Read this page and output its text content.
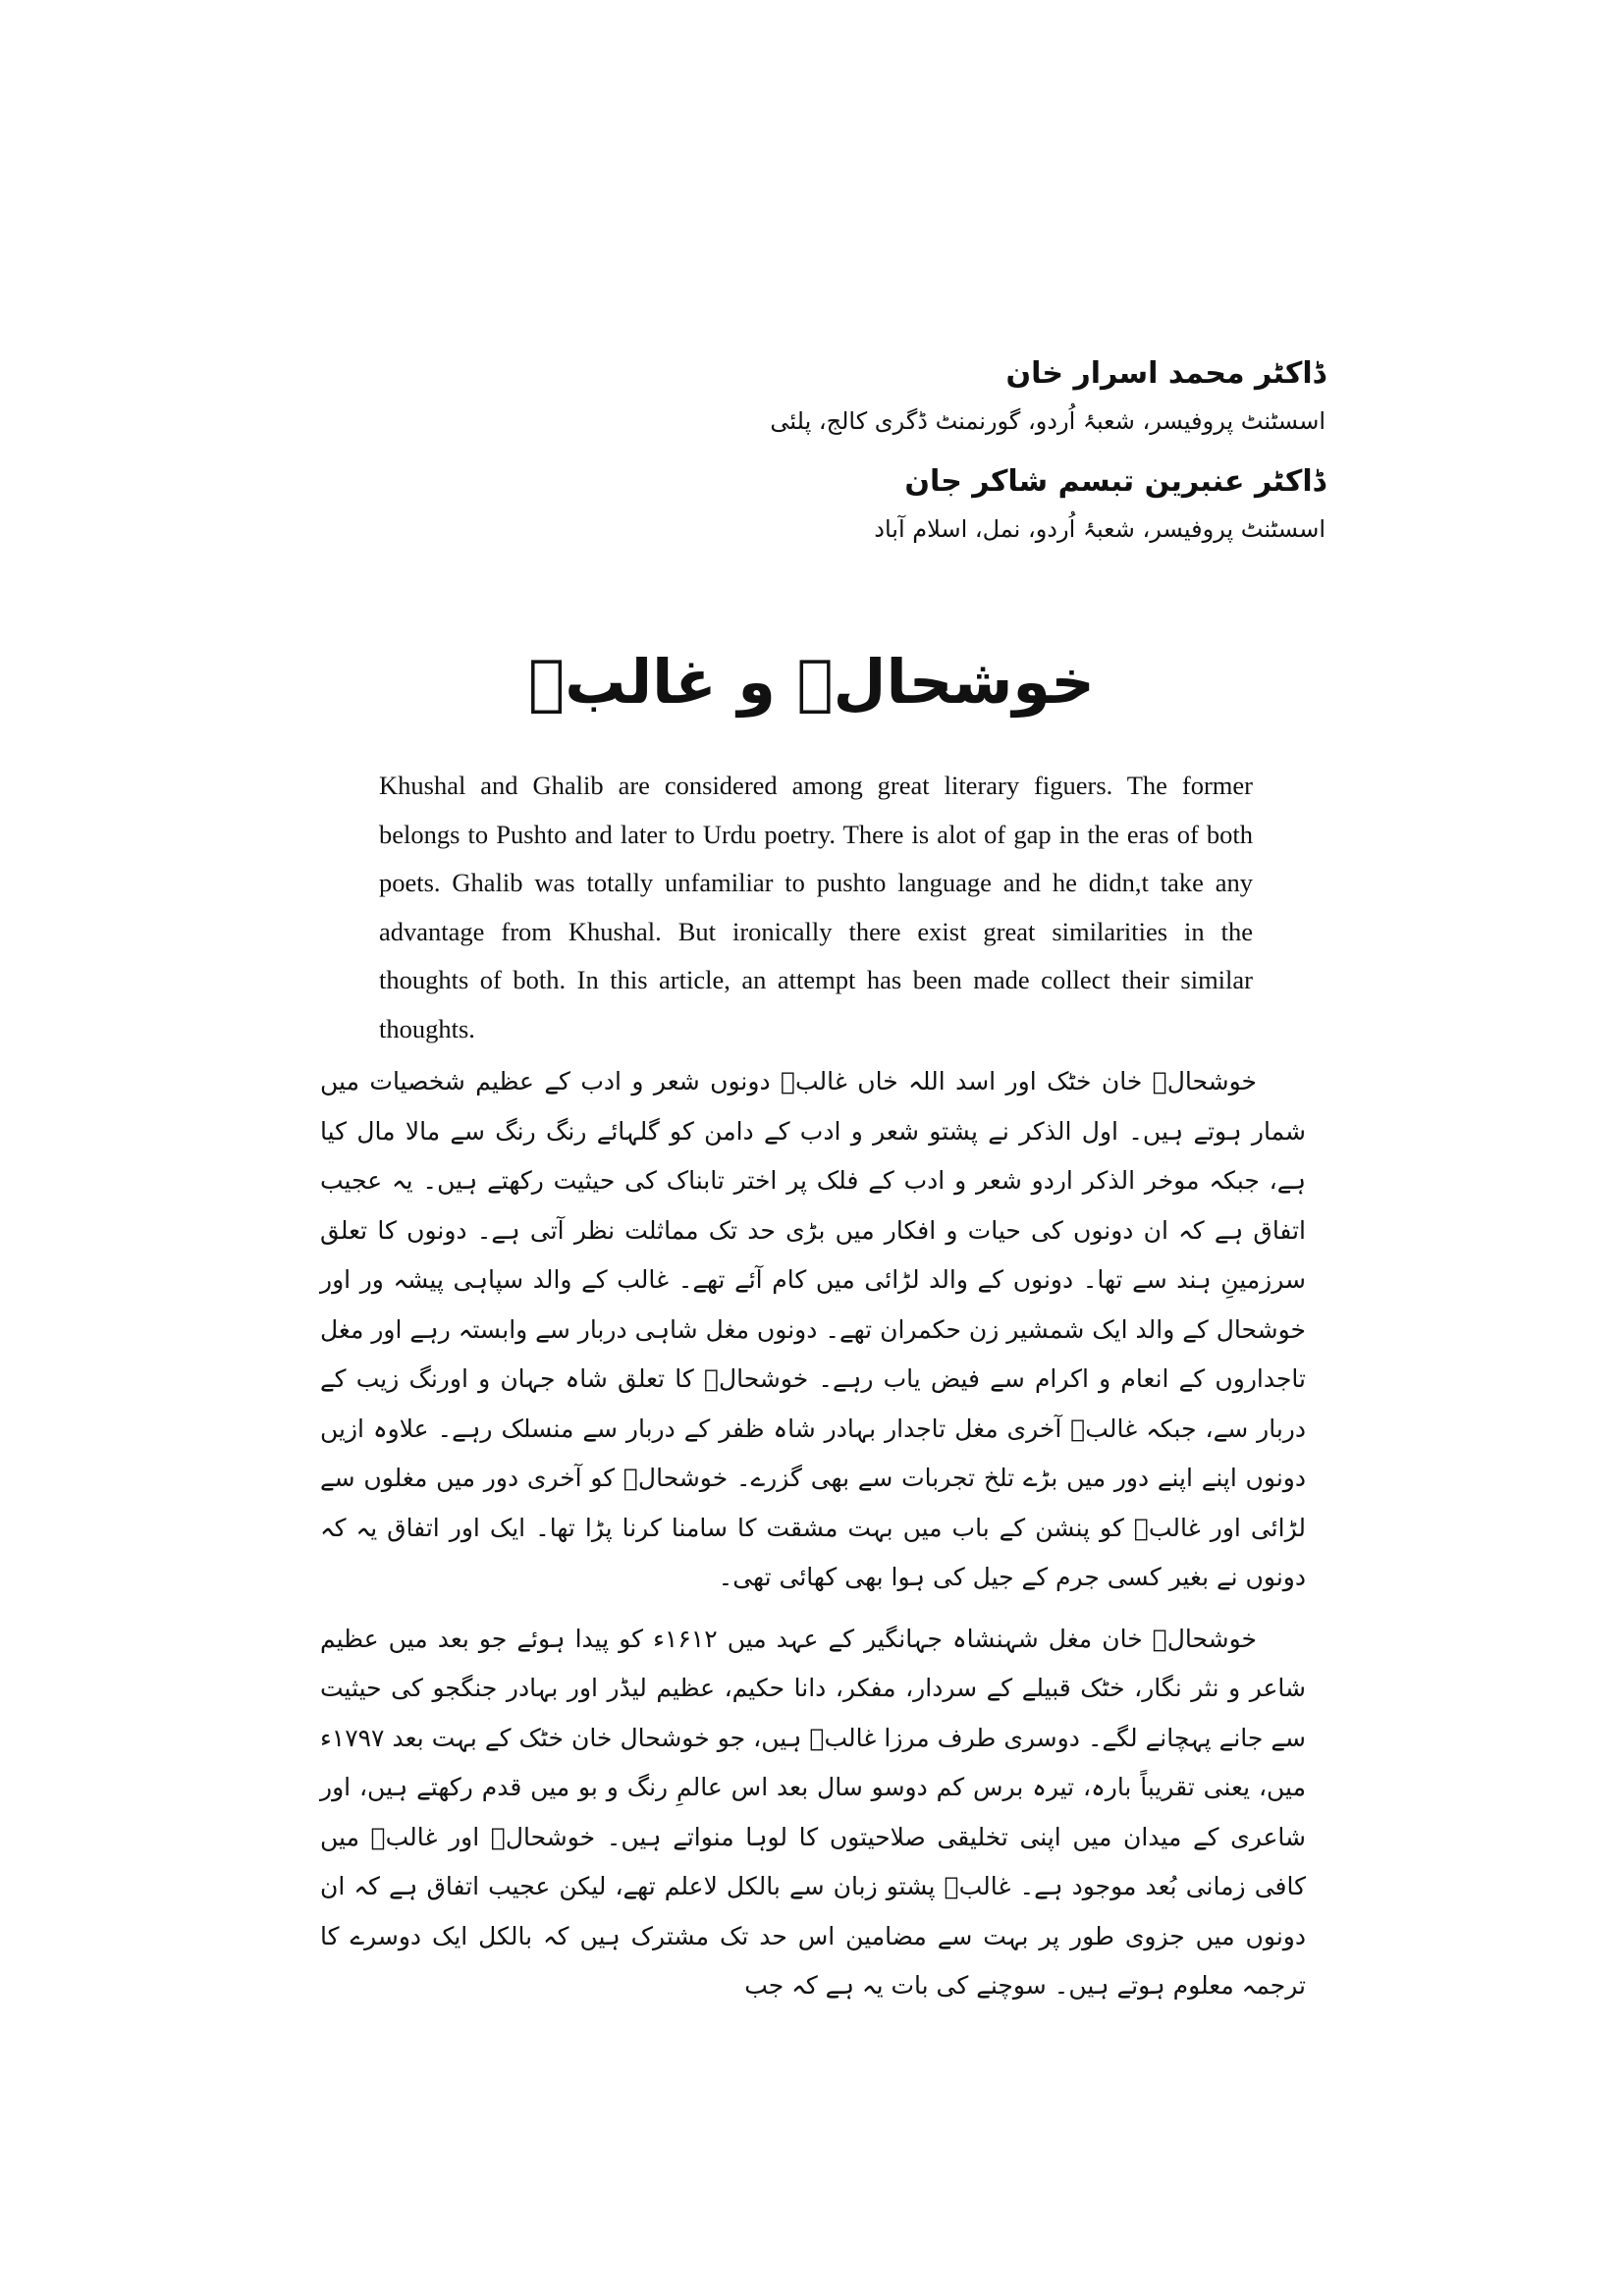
ڈاکٹر محمد اسرار خان
اسسٹنٹ پروفیسر، شعبۂ اُردو، گورنمنٹ ڈگری کالج، پلئی
ڈاکٹر عنبرین تبسم شاکر جان
اسسٹنٹ پروفیسر، شعبۂ اُردو، نمل، اسلام آباد
خوشحالؔ و غالبؔ
Khushal and Ghalib are considered among great literary figuers. The former belongs to Pushto and later to Urdu poetry. There is alot of gap in the eras of both poets. Ghalib was totally unfamiliar to pushto language and he didn,t take any advantage from Khushal. But ironically there exist great similarities in the thoughts of both. In this article, an attempt has been made collect their similar thoughts.

خوشحالؔ خان خٹک اور اسد اللہ خاں غالبؔ دونوں شعر و ادب کے عظیم شخصیات میں شمار ہوتے ہیں۔ اول الذکر نے پشتو شعر و ادب کے دامن کو گلہائے رنگ رنگ سے مالا مال کیا ہے، جبکہ موخر الذکر اردو شعر و ادب کے فلک پر اختر تابناک کی حیثیت رکھتے ہیں۔ یہ عجیب اتفاق ہے کہ ان دونوں کی حیات و افکار میں بڑی حد تک مماثلت نظر آتی ہے۔ دونوں کا تعلق سرزمینِ ہند سے تھا۔ دونوں کے والد لڑائی میں کام آئے تھے۔ غالب کے والد سپاہی پیشہ ور اور خوشحال کے والد ایک شمشیر زن حکمران تھے۔ دونوں مغل شاہی دربار سے وابستہ رہے اور مغل تاجداروں کے انعام و اکرام سے فیض یاب رہے۔ خوشحالؔ کا تعلق شاہ جہان و اورنگ زیب کے دربار سے، جبکہ غالبؔ آخری مغل تاجدار بہادر شاہ ظفر کے دربار سے منسلک رہے۔ علاوہ ازیں دونوں اپنے اپنے دور میں بڑے تلخ تجربات سے بھی گزرے۔ خوشحالؔ کو آخری دور میں مغلوں سے لڑائی اور غالبؔ کو پنشن کے باب میں بہت مشقت کا سامنا کرنا پڑا تھا۔ ایک اور اتفاق یہ کہ دونوں نے بغیر کسی جرم کے جیل کی ہوا بھی کھائی تھی۔

خوشحالؔ خان مغل شہنشاہ جہانگیر کے عہد میں ۱۶۱۲ء کو پیدا ہوئے جو بعد میں عظیم شاعر و نثر نگار، خٹک قبیلے کے سردار، مفکر، دانا حکیم، عظیم لیڈر اور بہادر جنگجو کی حیثیت سے جانے پہچانے لگے۔ دوسری طرف مرزا غالبؔ ہیں، جو خوشحال خان خٹک کے بہت بعد ۱۷۹۷ء میں، یعنی تقریباً بارہ، تیرہ برس کم دوسو سال بعد اس عالمِ رنگ و بو میں قدم رکھتے ہیں، اور شاعری کے میدان میں اپنی تخلیقی صلاحیتوں کا لوہا منواتے ہیں۔ خوشحالؔ اور غالبؔ میں کافی زمانی بُعد موجود ہے۔ غالبؔ پشتو زبان سے بالکل لاعلم تھے، لیکن عجیب اتفاق ہے کہ ان دونوں میں جزوی طور پر بہت سے مضامین اس حد تک مشترک ہیں کہ بالکل ایک دوسرے کا ترجمہ معلوم ہوتے ہیں۔ سوچنے کی بات یہ ہے کہ جب
